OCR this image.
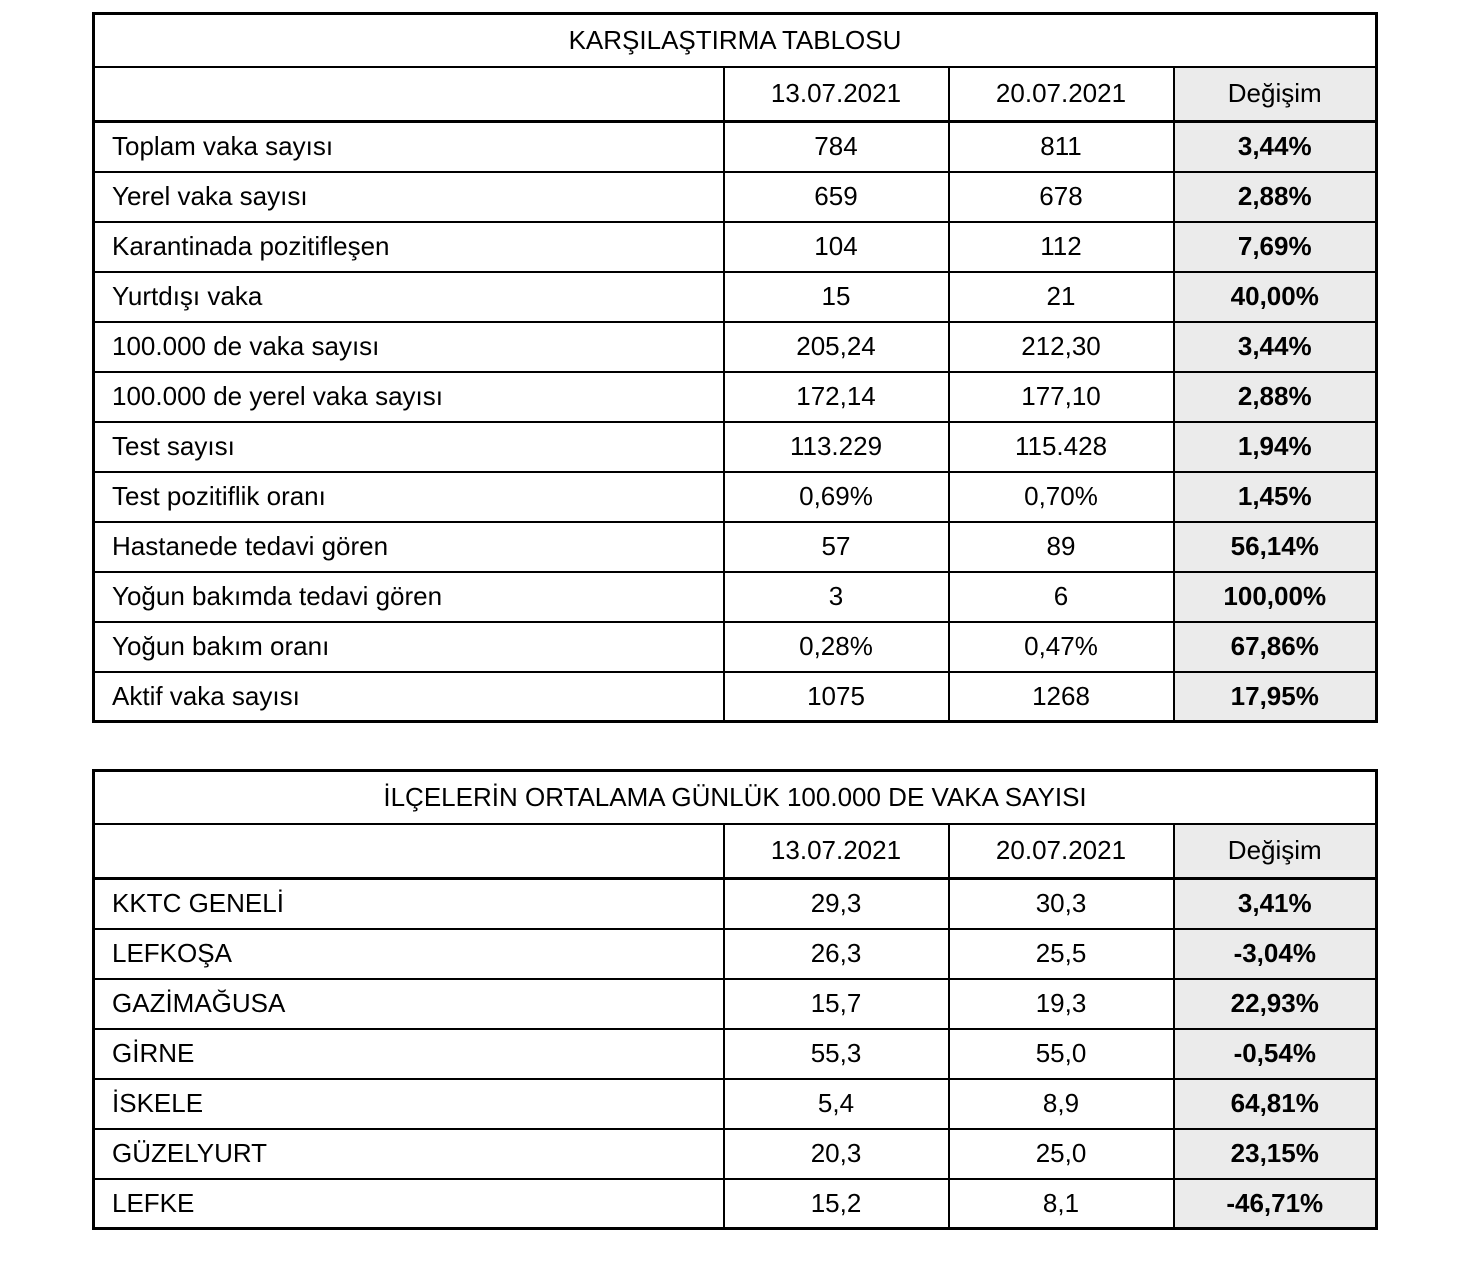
KARŞILAŞTIRMA TABLOSU			
	13.07.2021	20.07.2021	Değişim
Toplam vaka sayısı	784	811	3,44%
Yerel vaka sayısı	659	678	2,88%
Karantinada pozitifleşen	104	112	7,69%
Yurtdışı vaka	15	21	40,00%
100.000 de vaka sayısı	205,24	212,30	3,44%
100.000 de yerel vaka sayısı	172,14	177,10	2,88%
Test sayısı	113.229	115.428	1,94%
Test pozitiflik oranı	0,69%	0,70%	1,45%
Hastanede tedavi gören	57	89	56,14%
Yoğun bakımda tedavi gören	3	6	100,00%
Yoğun bakım oranı	0,28%	0,47%	67,86%
Aktif vaka sayısı	1075	1268	17,95%
İLÇELERİN ORTALAMA GÜNLÜK 100.000 DE VAKA SAYISI			
	13.07.2021	20.07.2021	Değişim
KKTC GENELİ	29,3	30,3	3,41%
LEFKOŞA	26,3	25,5	-3,04%
GAZİMAĞUSA	15,7	19,3	22,93%
GİRNE	55,3	55,0	-0,54%
İSKELE	5,4	8,9	64,81%
GÜZELYURT	20,3	25,0	23,15%
LEFKE	15,2	8,1	-46,71%
